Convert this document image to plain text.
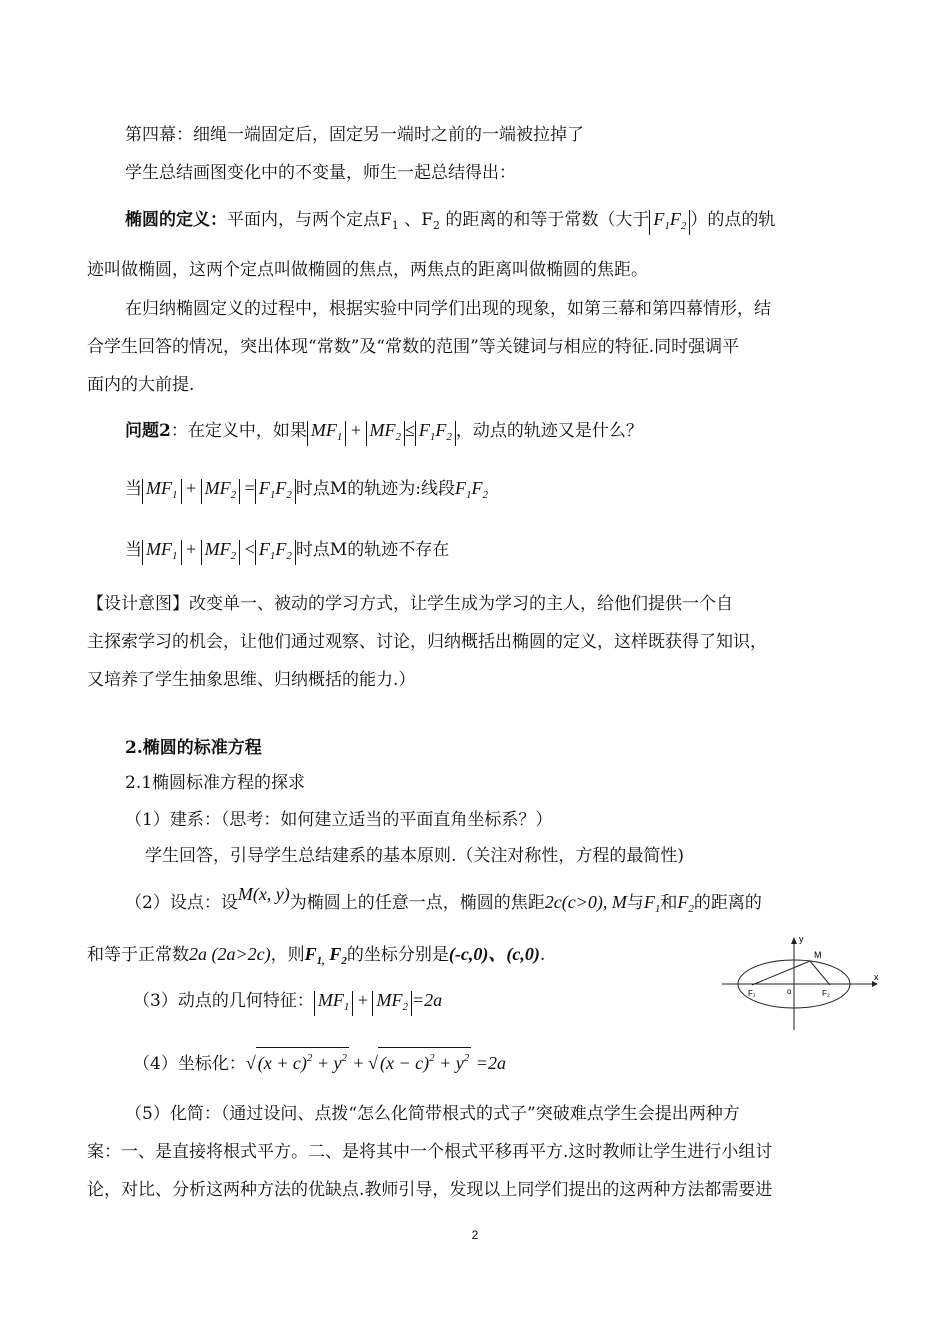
第四幕：细绳一端固定后，固定另一端时之前的一端被拉掉了
学生总结画图变化中的不变量，师生一起总结得出：
椭圆的定义：平面内，与两个定点$F_1$ 、$F_2$ 的距离的和等于常数（大于 $F_1F_2$ ）的点的轨
迹叫做椭圆，这两个定点叫做椭圆的焦点，两焦点的距离叫做椭圆的焦距。
在归纳椭圆定义的过程中，根据实验中同学们出现的现象，如第三幕和第四幕情形，结
合学生回答的情况，突出体现“常数”及“常数的范围”等关键词与相应的特征.同时强调平
面内的大前提.
问题2：在定义中，如果 $MF_1 + MF_2 \le F_1F_2$ ，动点的轨迹又是什么？
当 $MF_1 + MF_2 = F_1F_2$ 时点M的轨迹为:线段$F_1F_2$
当 $MF_1 + MF_2 < F_1F_2$ 时点M的轨迹不存在
【设计意图】改变单一、被动的学习方式，让学生成为学习的主人，给他们提供一个自
主探索学习的机会，让他们通过观察、讨论，归纳概括出椭圆的定义，这样既获得了知识，
又培养了学生抽象思维、归纳概括的能力.）
2.椭圆的标准方程
2.1椭圆标准方程的探求
（1）建系：（思考：如何建立适当的平面直角坐标系？）
学生回答，引导学生总结建系的基本原则.（关注对称性，方程的最简性)
（2）设点：设M(x, y)为椭圆上的任意一点，椭圆的焦距2c(c>0), M与$F_1$和$F_2$的距离的
和等于正常数2a (2a>2c)，则$F_{1,}$ $F_2$的坐标分别是(-c,0)、(c,0).
（3）动点的几何特征： $MF_1 + MF_2 =2a$
（4）坐标化：√ $(x + c)^2 + y^2$ + √ $(x - c)^2 + y^2 =2a$
（5）化简：（通过设问、点拨“怎么化简带根式的式子”突破难点学生会提出两种方
案：一、是直接将根式平方。二、是将其中一个根式平移再平方.这时教师让学生进行小组讨
论，对比、分析这两种方法的优缺点.教师引导，发现以上同学们提出的这两种方法都需要进
y
x
M
o
F₁	F₂
2
